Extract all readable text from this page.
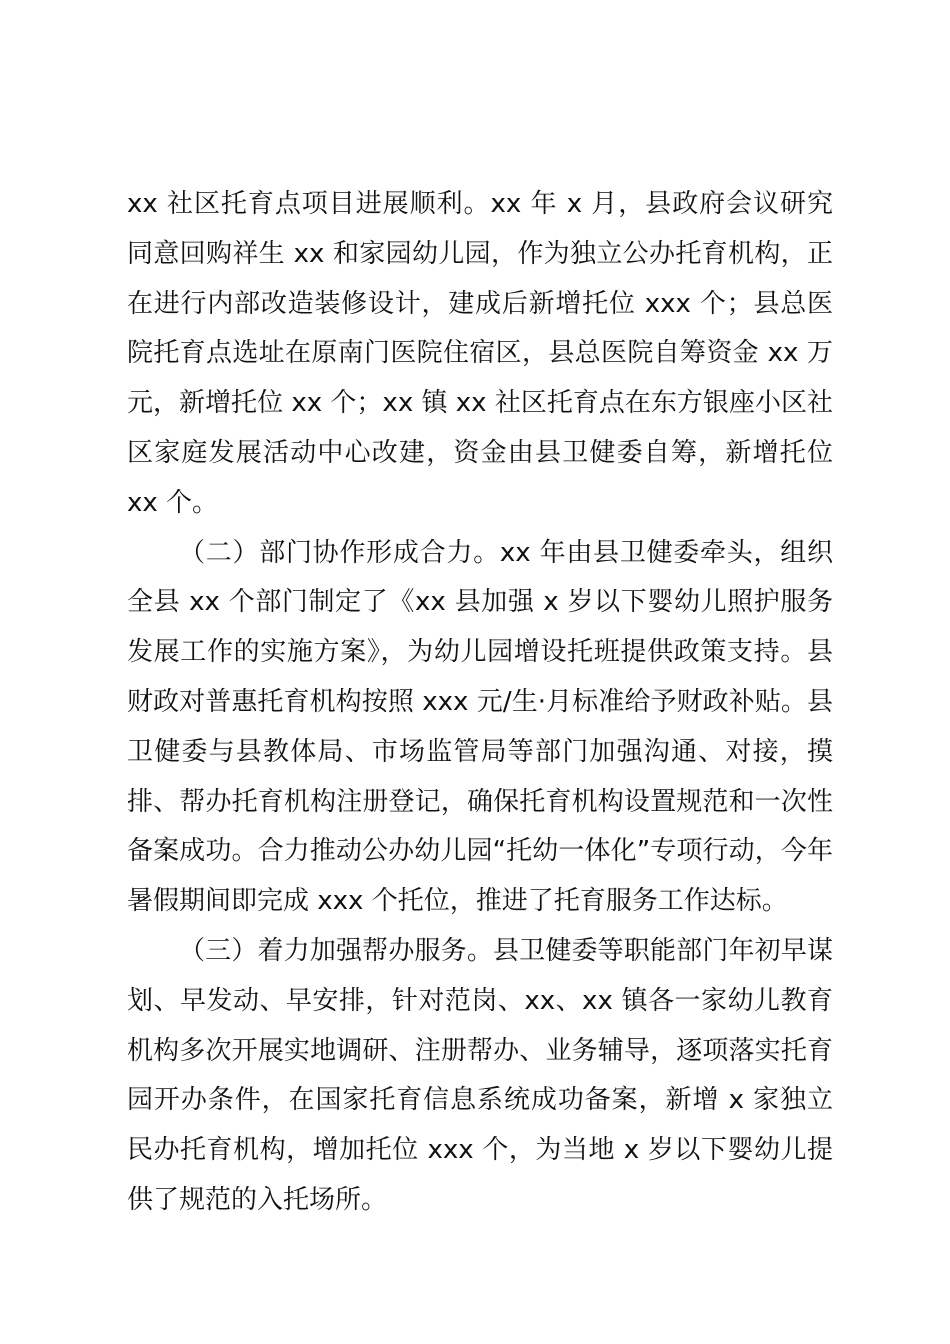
xx 社区托育点项目进展顺利。xx 年 x 月，县政府会议研究同意回购祥生 xx 和家园幼儿园，作为独立公办托育机构，正在进行内部改造装修设计，建成后新增托位 xxx 个；县总医院托育点选址在原南门医院住宿区，县总医院自筹资金 xx 万元，新增托位 xx 个；xx 镇 xx 社区托育点在东方银座小区社区家庭发展活动中心改建，资金由县卫健委自筹，新增托位 xx 个。

（二）部门协作形成合力。xx 年由县卫健委牵头，组织全县 xx 个部门制定了《xx 县加强 x 岁以下婴幼儿照护服务发展工作的实施方案》，为幼儿园增设托班提供政策支持。县财政对普惠托育机构按照 xxx 元/生·月标准给予财政补贴。县卫健委与县教体局、市场监管局等部门加强沟通、对接，摸排、帮办托育机构注册登记，确保托育机构设置规范和一次性备案成功。合力推动公办幼儿园“托幼一体化”专项行动，今年暑假期间即完成 xxx 个托位，推进了托育服务工作达标。

（三）着力加强帮办服务。县卫健委等职能部门年初早谋划、早发动、早安排，针对范岗、xx、xx 镇各一家幼儿教育机构多次开展实地调研、注册帮办、业务辅导，逐项落实托育园开办条件，在国家托育信息系统成功备案，新增 x 家独立民办托育机构，增加托位 xxx 个，为当地 x 岁以下婴幼儿提供了规范的入托场所。
